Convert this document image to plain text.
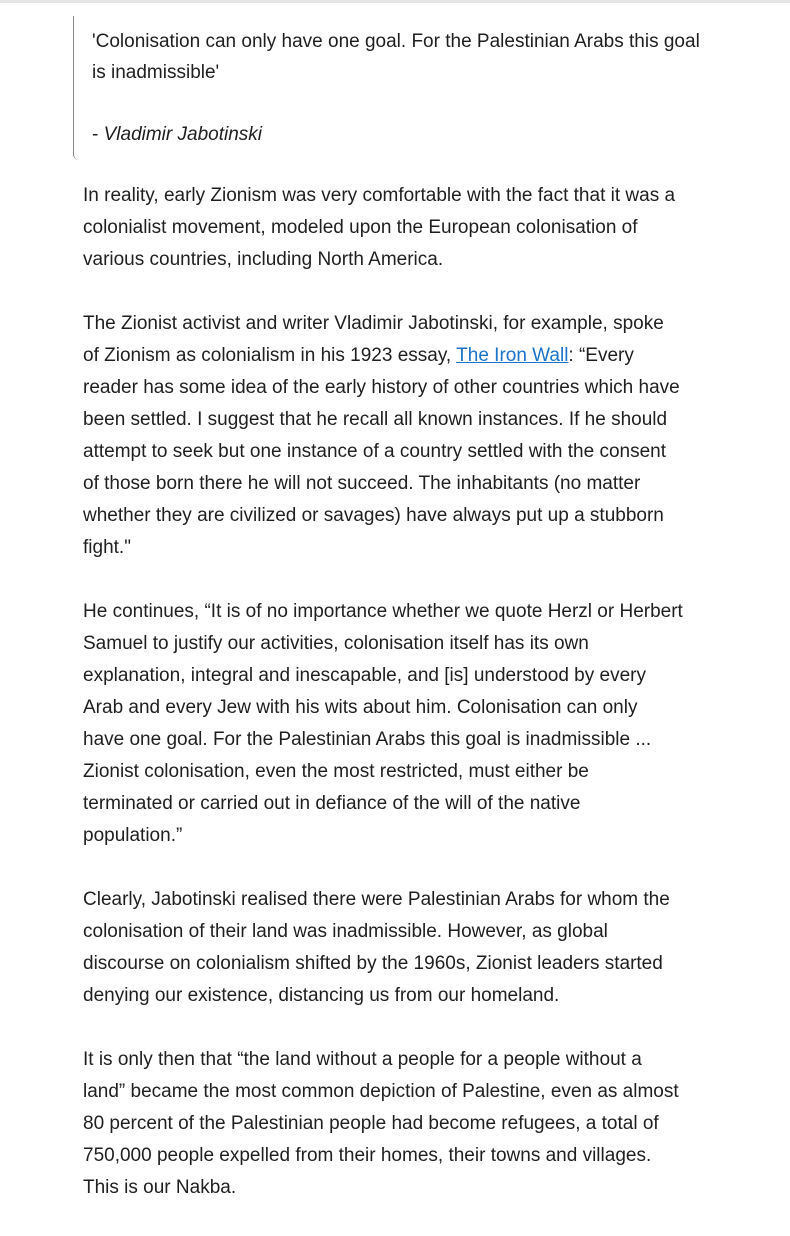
'Colonisation can only have one goal. For the Palestinian Arabs this goal is inadmissible'

- Vladimir Jabotinski

In reality, early Zionism was very comfortable with the fact that it was a colonialist movement, modeled upon the European colonisation of various countries, including North America.

The Zionist activist and writer Vladimir Jabotinski, for example, spoke of Zionism as colonialism in his 1923 essay, The Iron Wall: “Every reader has some idea of the early history of other countries which have been settled. I suggest that he recall all known instances. If he should attempt to seek but one instance of a country settled with the consent of those born there he will not succeed. The inhabitants (no matter whether they are civilized or savages) have always put up a stubborn fight."

He continues, “It is of no importance whether we quote Herzl or Herbert Samuel to justify our activities, colonisation itself has its own explanation, integral and inescapable, and [is] understood by every Arab and every Jew with his wits about him. Colonisation can only have one goal. For the Palestinian Arabs this goal is inadmissible ... Zionist colonisation, even the most restricted, must either be terminated or carried out in defiance of the will of the native population.”

Clearly, Jabotinski realised there were Palestinian Arabs for whom the colonisation of their land was inadmissible. However, as global discourse on colonialism shifted by the 1960s, Zionist leaders started denying our existence, distancing us from our homeland.

It is only then that “the land without a people for a people without a land” became the most common depiction of Palestine, even as almost 80 percent of the Palestinian people had become refugees, a total of 750,000 people expelled from their homes, their towns and villages. This is our Nakba.
